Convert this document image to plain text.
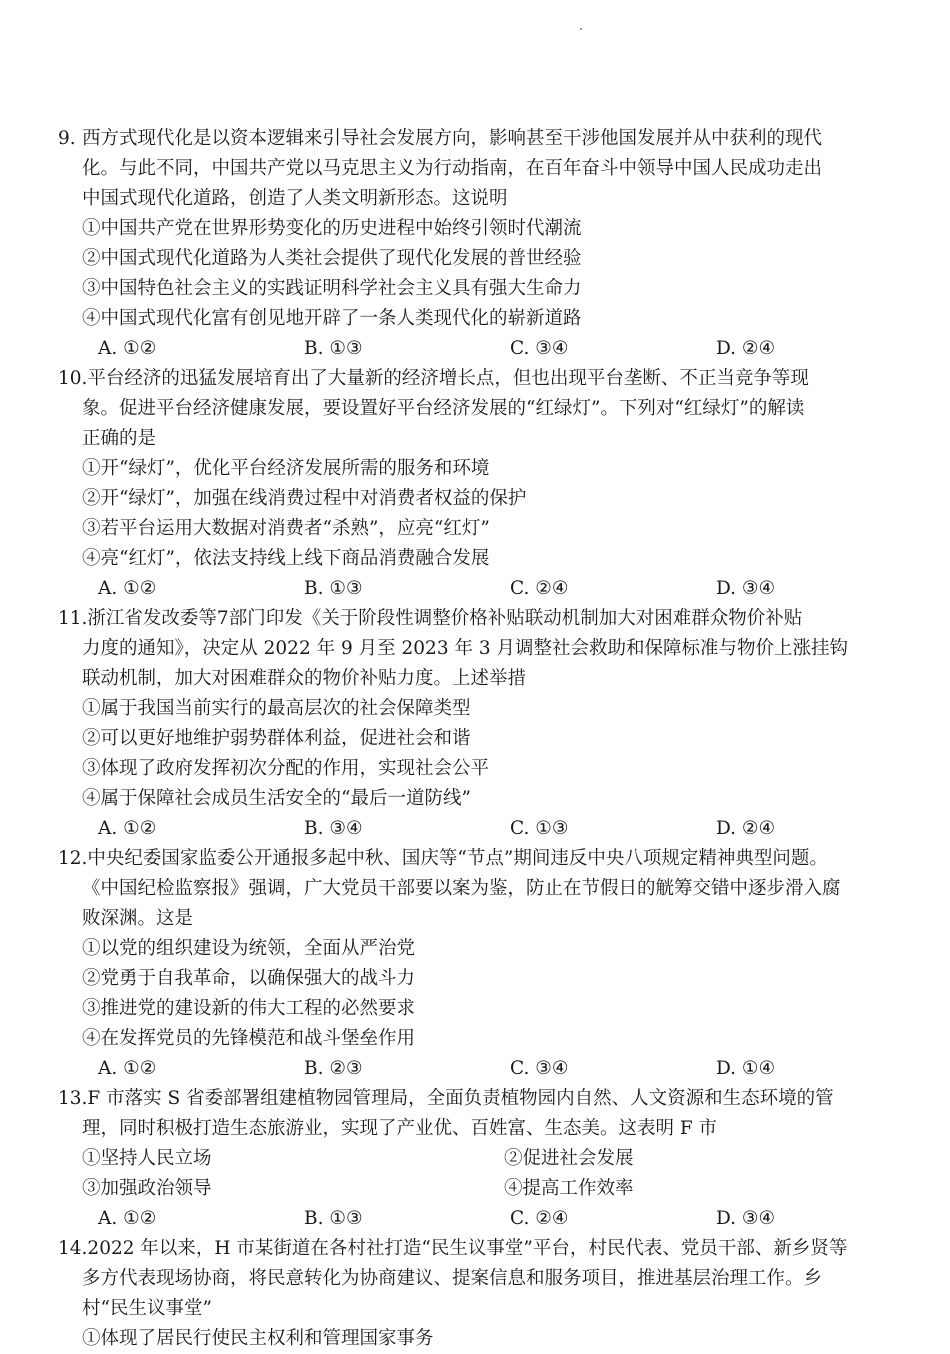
9. 西方式现代化是以资本逻辑来引导社会发展方向，影响甚至干涉他国发展并从中获利的现代
化。与此不同，中国共产党以马克思主义为行动指南，在百年奋斗中领导中国人民成功走出
中国式现代化道路，创造了人类文明新形态。这说明
①中国共产党在世界形势变化的历史进程中始终引领时代潮流
②中国式现代化道路为人类社会提供了现代化发展的普世经验
③中国特色社会主义的实践证明科学社会主义具有强大生命力
④中国式现代化富有创见地开辟了一条人类现代化的崭新道路
A. ①②	B. ①③	C. ③④	D. ②④
10. 平台经济的迅猛发展培育出了大量新的经济增长点，但也出现平台垄断、不正当竞争等现
象。促进平台经济健康发展，要设置好平台经济发展的“红绿灯”。下列对“红绿灯”的解读
正确的是
①开“绿灯”，优化平台经济发展所需的服务和环境
②开“绿灯”，加强在线消费过程中对消费者权益的保护
③若平台运用大数据对消费者“杀熟”，应亮“红灯”
④亮“红灯”，依法支持线上线下商品消费融合发展
A. ①②	B. ①③	C. ②④	D. ③④
11. 浙江省发改委等7部门印发《关于阶段性调整价格补贴联动机制加大对困难群众物价补贴
力度的通知》，决定从 2022 年 9 月至 2023 年 3 月调整社会救助和保障标准与物价上涨挂钩
联动机制，加大对困难群众的物价补贴力度。上述举措
①属于我国当前实行的最高层次的社会保障类型
②可以更好地维护弱势群体利益，促进社会和谐
③体现了政府发挥初次分配的作用，实现社会公平
④属于保障社会成员生活安全的“最后一道防线”
A. ①②	B. ③④	C. ①③	D. ②④
12. 中央纪委国家监委公开通报多起中秋、国庆等“节点”期间违反中央八项规定精神典型问题。
《中国纪检监察报》强调，广大党员干部要以案为鉴，防止在节假日的觥筹交错中逐步滑入腐
败深渊。这是
①以党的组织建设为统领，全面从严治党
②党勇于自我革命，以确保强大的战斗力
③推进党的建设新的伟大工程的必然要求
④在发挥党员的先锋模范和战斗堡垒作用
A. ①②	B. ②③	C. ③④	D. ①④
13. F 市落实 S 省委部署组建植物园管理局，全面负责植物园内自然、人文资源和生态环境的管
理，同时积极打造生态旅游业，实现了产业优、百姓富、生态美。这表明 F 市
①坚持人民立场	②促进社会发展
③加强政治领导	④提高工作效率
A. ①②	B. ①③	C. ②④	D. ③④
14. 2022 年以来，H 市某街道在各村社打造“民生议事堂”平台，村民代表、党员干部、新乡贤等
多方代表现场协商，将民意转化为协商建议、提案信息和服务项目，推进基层治理工作。乡
村“民生议事堂”
①体现了居民行使民主权利和管理国家事务
